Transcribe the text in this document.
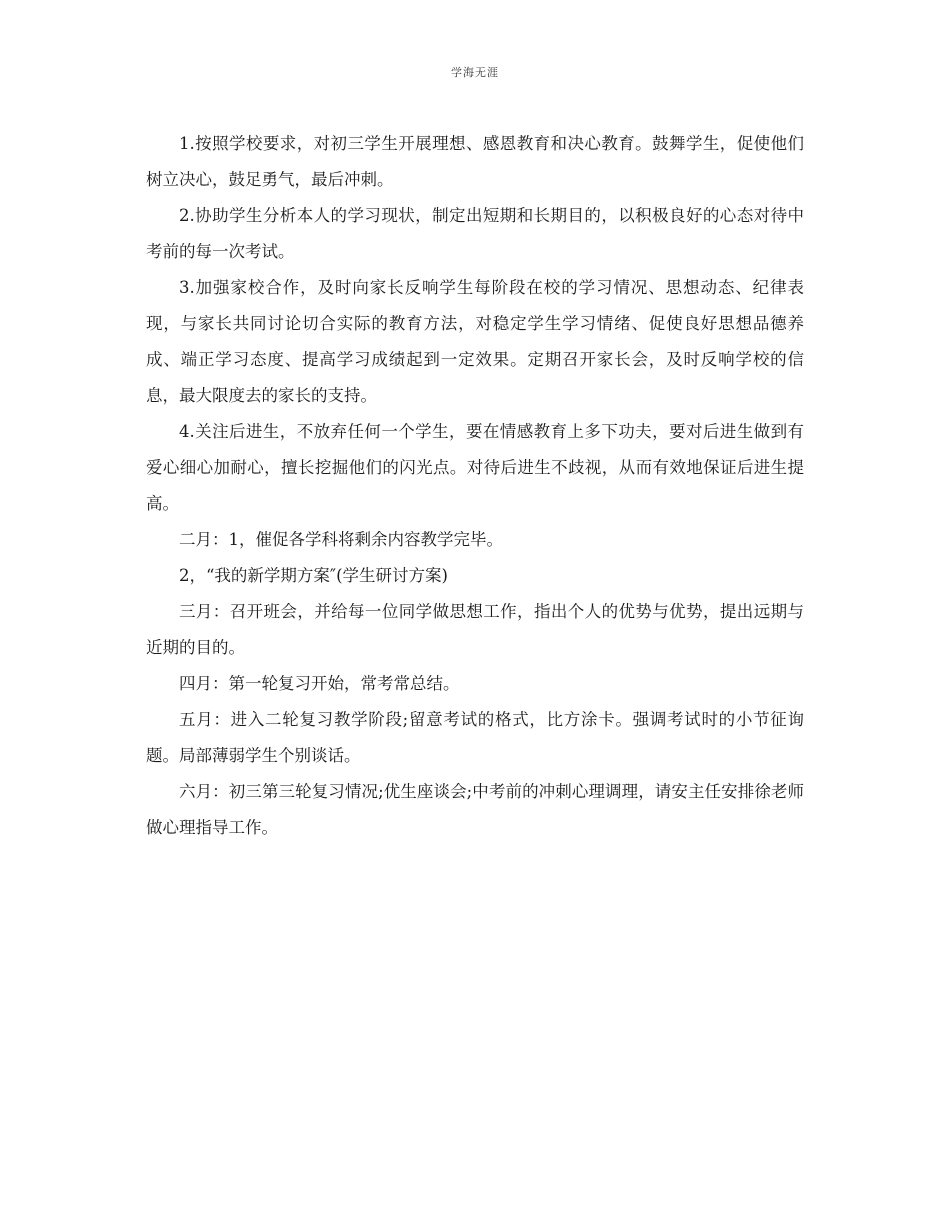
学海无涯

1.按照学校要求，对初三学生开展理想、感恩教育和决心教育。鼓舞学生，促使他们树立决心，鼓足勇气，最后冲刺。

2.协助学生分析本人的学习现状，制定出短期和长期目的，以积极良好的心态对待中考前的每一次考试。

3.加强家校合作，及时向家长反响学生每阶段在校的学习情况、思想动态、纪律表现，与家长共同讨论切合实际的教育方法，对稳定学生学习情绪、促使良好思想品德养成、端正学习态度、提高学习成绩起到一定效果。定期召开家长会，及时反响学校的信息，最大限度去的家长的支持。

4.关注后进生，不放弃任何一个学生，要在情感教育上多下功夫，要对后进生做到有爱心细心加耐心，擅长挖掘他们的闪光点。对待后进生不歧视，从而有效地保证后进生提高。

二月：1，催促各学科将剩余内容教学完毕。

2，“我的新学期方案″(学生研讨方案)

三月：召开班会，并给每一位同学做思想工作，指出个人的优势与优势，提出远期与近期的目的。

四月：第一轮复习开始，常考常总结。

五月：进入二轮复习教学阶段;留意考试的格式，比方涂卡。强调考试时的小节征询题。局部薄弱学生个别谈话。

六月：初三第三轮复习情况;优生座谈会;中考前的冲刺心理调理，请安主任安排徐老师做心理指导工作。
